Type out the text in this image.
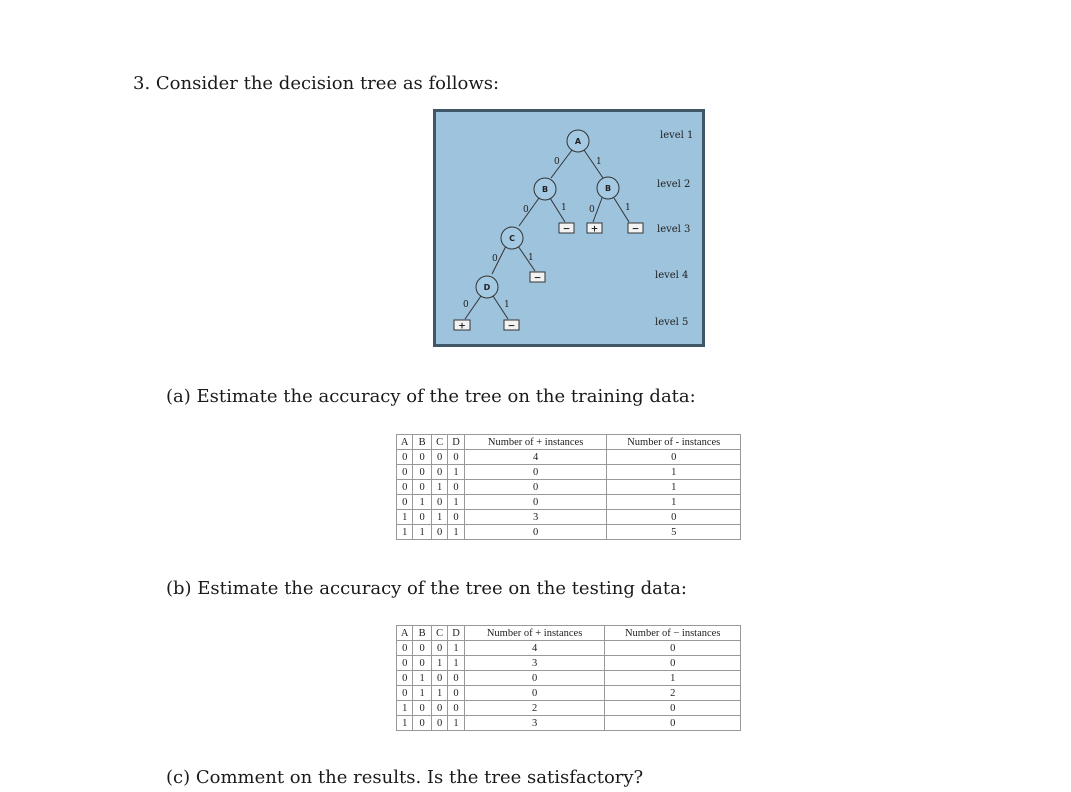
3. Consider the decision tree as follows:
0	1
0	1 0	1
0	1
0	1
A
B	B
C
D
− +	−
−
+	−
level 1
level 2
level 3
level 4
level 5
(a) Estimate the accuracy of the tree on the training data:
A	B	C	D	Number of + instances	Number of - instances
0	0	0	0	4	0
0	0	0	1	0	1
0	0	1	0	0	1
0	1	0	1	0	1
1	0	1	0	3	0
1	1	0	1	0	5
(b) Estimate the accuracy of the tree on the testing data:
A	B	C	D	Number of + instances	Number of − instances
0	0	0	1	4	0
0	0	1	1	3	0
0	1	0	0	0	1
0	1	1	0	0	2
1	0	0	0	2	0
1	0	0	1	3	0
(c) Comment on the results. Is the tree satisfactory?
